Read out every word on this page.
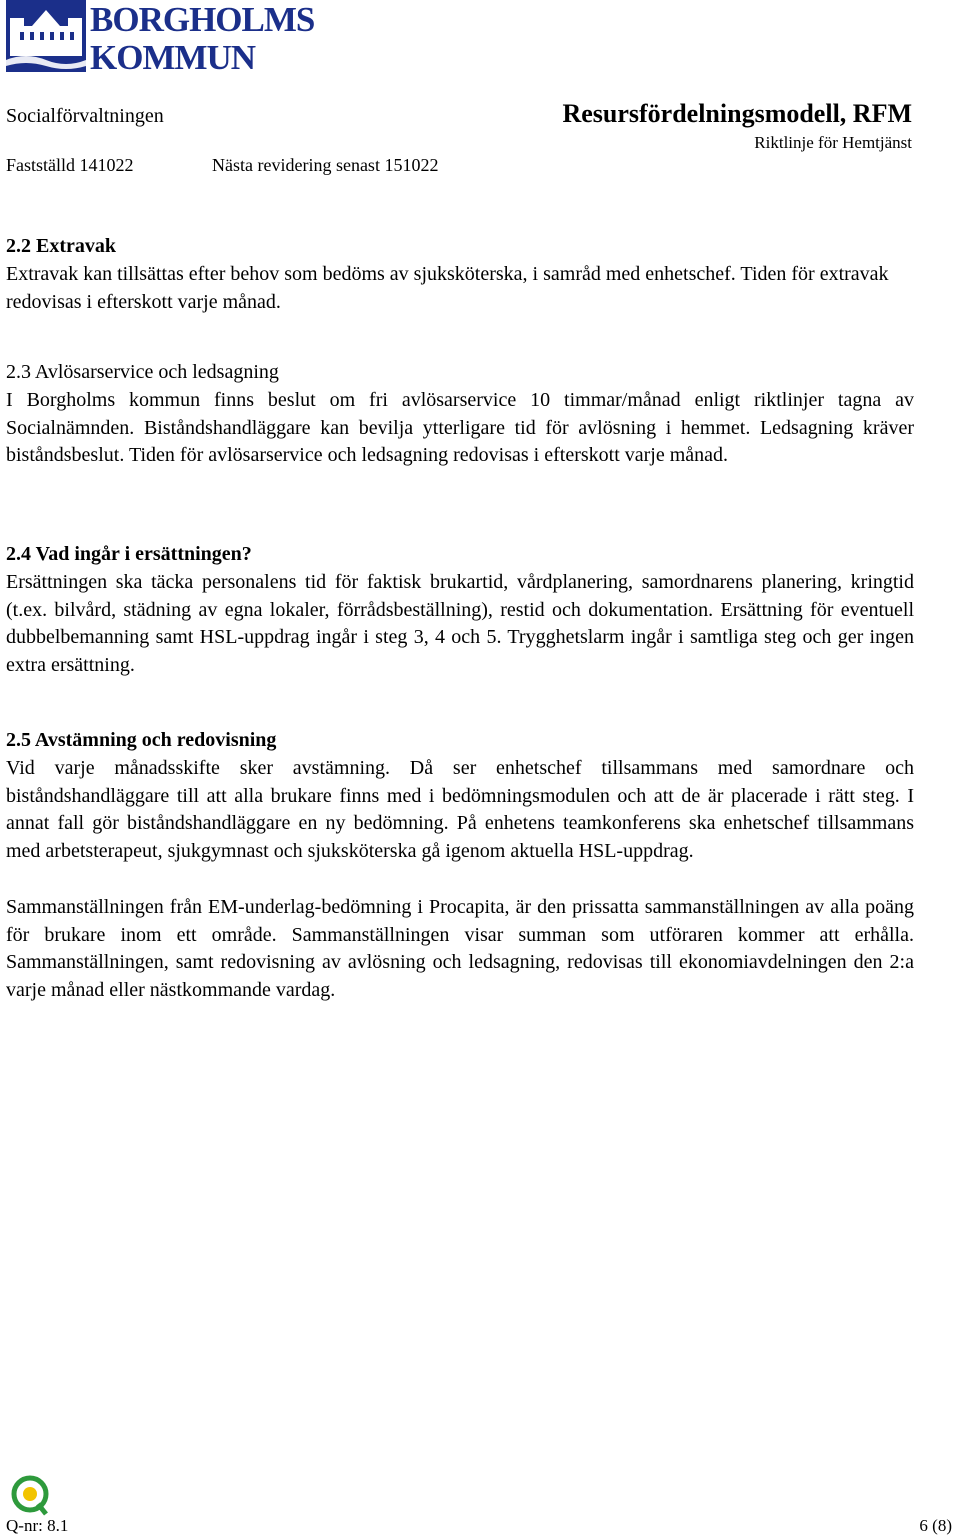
BORGHOLMS
KOMMUN
Socialförvaltningen	Resursfördelningsmodell, RFM
Fastställd 141022	Nästa revidering senast 151022
Riktlinje för Hemtjänst
2.2 Extravak

Extravak kan tillsättas efter behov som bedöms av sjuksköterska, i samråd med enhetschef. Tiden för extravak redovisas i efterskott varje månad.

2.3 Avlösarservice och ledsagning

I Borgholms kommun finns beslut om fri avlösarservice 10 timmar/månad enligt riktlinjer tagna av Socialnämnden. Biståndshandläggare kan bevilja ytterligare tid för avlösning i hemmet. Ledsagning kräver biståndsbeslut. Tiden för avlösarservice och ledsagning redovisas i efterskott varje månad.

2.4 Vad ingår i ersättningen?

Ersättningen ska täcka personalens tid för faktisk brukartid, vårdplanering, samordnarens planering, kringtid (t.ex. bilvård, städning av egna lokaler, förrådsbeställning), restid och dokumentation. Ersättning för eventuell dubbelbemanning samt HSL-uppdrag ingår i steg 3, 4 och 5. Trygghetslarm ingår i samtliga steg och ger ingen extra ersättning.

2.5 Avstämning och redovisning

Vid varje månadsskifte sker avstämning. Då ser enhetschef tillsammans med samordnare och biståndshandläggare till att alla brukare finns med i bedömningsmodulen och att de är placerade i rätt steg. I annat fall gör biståndshandläggare en ny bedömning. På enhetens teamkonferens ska enhetschef tillsammans med arbetsterapeut, sjukgymnast och sjuksköterska gå igenom aktuella HSL-uppdrag.

Sammanställningen från EM-underlag-bedömning i Procapita, är den prissatta sammanställningen av alla poäng för brukare inom ett område. Sammanställningen visar summan som utföraren kommer att erhålla. Sammanställningen, samt redovisning av avlösning och ledsagning, redovisas till ekonomiavdelningen den 2:a varje månad eller nästkommande vardag.

Q-nr: 8.1	6 (8)
